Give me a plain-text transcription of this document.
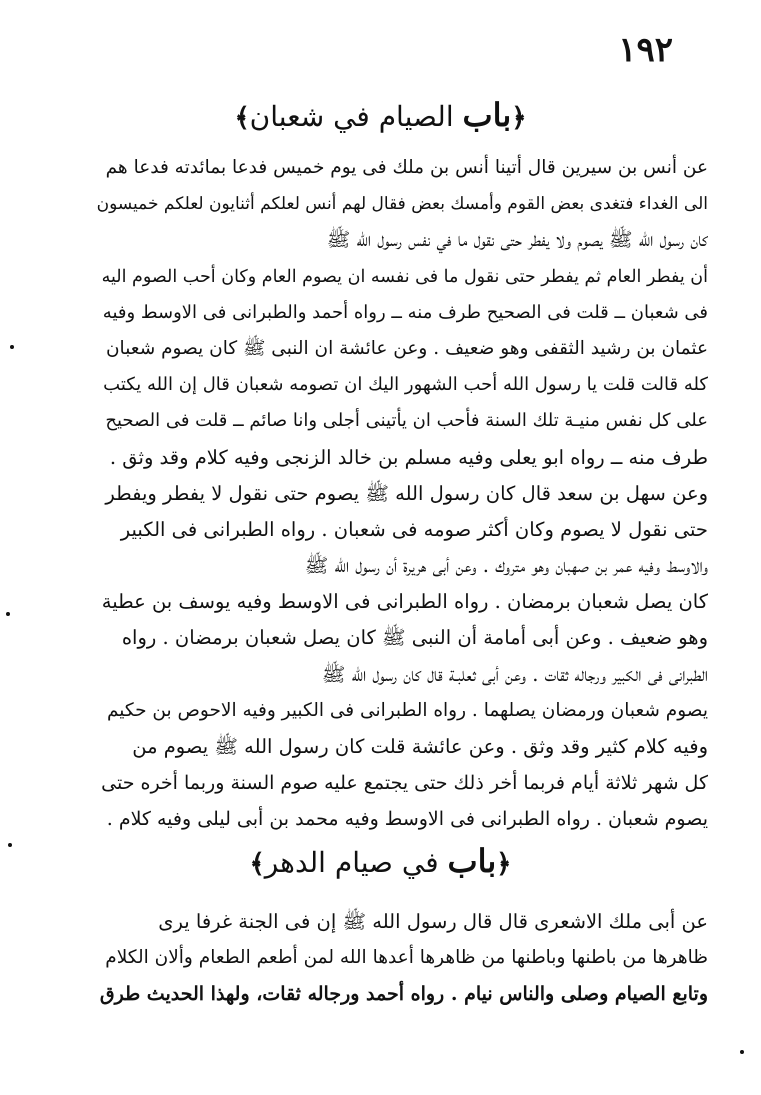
١٩٢
﴿باب الصيام في شعبان﴾
عن أنس بن سيرين قال أتينا أنس بن ملك فى يوم خميس فدعا بمائدته فدعا هم
الى الغداء فتغدى بعض القوم وأمسك بعض فقال لهم أنس لعلكم أثنايون لعلكم خميسون
كان رسول الله ﷺ يصوم ولا يفطر حتى نقول ما في نفس رسول الله ﷺ
أن يفطر العام ثم يفطر حتى نقول ما فى نفسه ان يصوم العام وكان أحب الصوم اليه
فى شعبان ــ قلت فى الصحيح طرف منه ــ رواه أحمد والطبرانى فى الاوسط وفيه
عثمان بن رشيد الثقفى وهو ضعيف . وعن عائشة ان النبى ﷺ كان يصوم شعبان
كله قالت قلت يا رسول الله أحب الشهور اليك ان تصومه شعبان قال إن الله يكتب
على كل نفس منيـة تلك السنة فأحب ان يأتينى أجلى وانا صائم ــ قلت فى الصحيح
طرف منه ــ رواه ابو يعلى وفيه مسلم بن خالد الزنجى وفيه كلام وقد وثق .
وعن سهل بن سعد قال كان رسول الله ﷺ يصوم حتى نقول لا يفطر ويفطر
حتى نقول لا يصوم وكان أكثر صومه فى شعبان . رواه الطبرانى فى الكبير
والاوسط وفيه عمر بن صهبان وهو متروك . وعن أبى هريرة أن رسول الله ﷺ
كان يصل شعبان برمضان . رواه الطبرانى فى الاوسط وفيه يوسف بن عطية
وهو ضعيف . وعن أبى أمامة أن النبى ﷺ كان يصل شعبان برمضان . رواه
الطبرانى فى الكبير ورجاله ثقات . وعن أبى ثعلبـة قال كان رسول الله ﷺ
يصوم شعبان ورمضان يصلهما . رواه الطبرانى فى الكبير وفيه الاحوص بن حكيم
وفيه كلام كثير وقد وثق . وعن عائشة قلت كان رسول الله ﷺ يصوم من
كل شهر ثلاثة أيام فربما أخر ذلك حتى يجتمع عليه صوم السنة وربما أخره حتى
يصوم شعبان . رواه الطبرانى فى الاوسط وفيه محمد بن أبى ليلى وفيه كلام .
﴿باب في صيام الدهر﴾
عن أبى ملك الاشعرى قال قال رسول الله ﷺ إن فى الجنة غرفا يرى
ظاهرها من باطنها وباطنها من ظاهرها أعدها الله لمن أطعم الطعام وألان الكلام
وتابع الصيام وصلى والناس نيام . رواه أحمد ورجاله ثقات، ولهذا الحديث طرق
